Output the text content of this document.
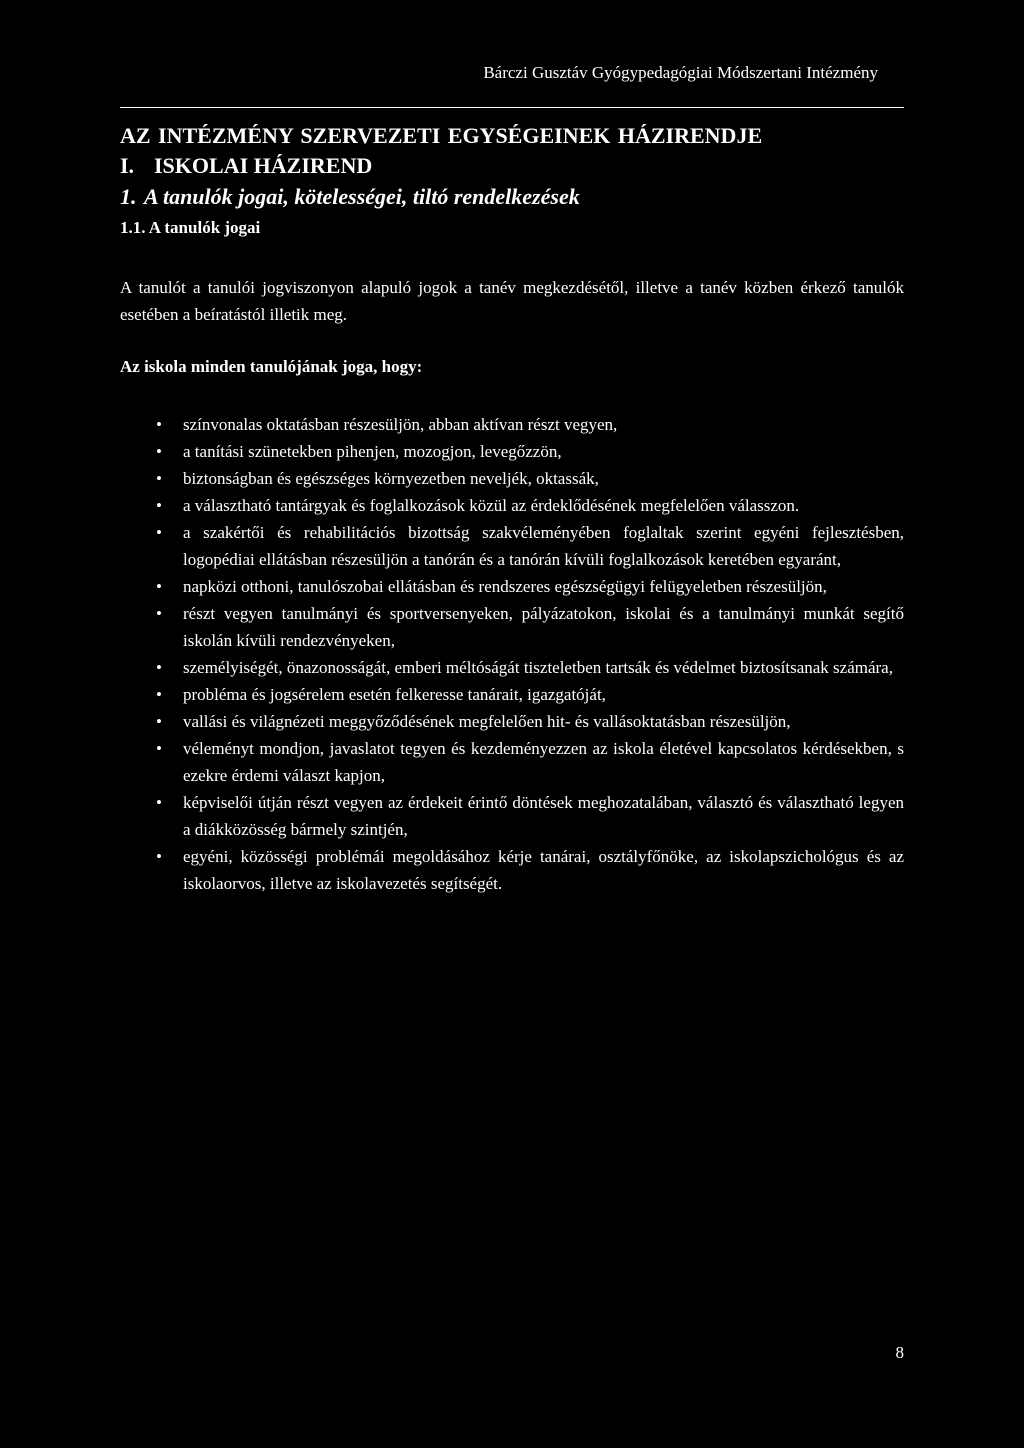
Bárczi Gusztáv Gyógypedagógiai Módszertani Intézmény
AZ INTÉZMÉNY SZERVEZETI EGYSÉGEINEK HÁZIRENDJE
I. ISKOLAI HÁZIREND
1. A tanulók jogai, kötelességei, tiltó rendelkezések
1.1. A tanulók jogai

A tanulót a tanulói jogviszonyon alapuló jogok a tanév megkezdésétől, illetve a tanév közben érkező tanulók esetében a beíratástól illetik meg.

Az iskola minden tanulójának joga, hogy:
• színvonalas oktatásban részesüljön, abban aktívan részt vegyen,
• a tanítási szünetekben pihenjen, mozogjon, levegőzzön,
• biztonságban és egészséges környezetben neveljék, oktassák,
• a választható tantárgyak és foglalkozások közül az érdeklődésének megfelelően válasszon.
• a szakértői és rehabilitációs bizottság szakvéleményében foglaltak szerint egyéni fejlesztésben, logopédiai ellátásban részesüljön a tanórán és a tanórán kívüli foglalkozások keretében egyaránt,
• napközi otthoni, tanulószobai ellátásban és rendszeres egészségügyi felügyeletben részesüljön,
• részt vegyen tanulmányi és sportversenyeken, pályázatokon, iskolai és a tanulmányi munkát segítő iskolán kívüli rendezvényeken,
• személyiségét, önazonosságát, emberi méltóságát tiszteletben tartsák és védelmet biztosítsanak számára,
• probléma és jogsérelem esetén felkeresse tanárait, igazgatóját,
• vallási és világnézeti meggyőződésének megfelelően hit- és vallásoktatásban részesüljön,
• véleményt mondjon, javaslatot tegyen és kezdeményezzen az iskola életével kapcsolatos kérdésekben, s ezekre érdemi választ kapjon,
• képviselői útján részt vegyen az érdekeit érintő döntések meghozatalában, választó és választható legyen a diákközösség bármely szintjén,
• egyéni, közösségi problémái megoldásához kérje tanárai, osztályfőnöke, az iskolapszichológus és az iskolaorvos, illetve az iskolavezetés segítségét.
8
